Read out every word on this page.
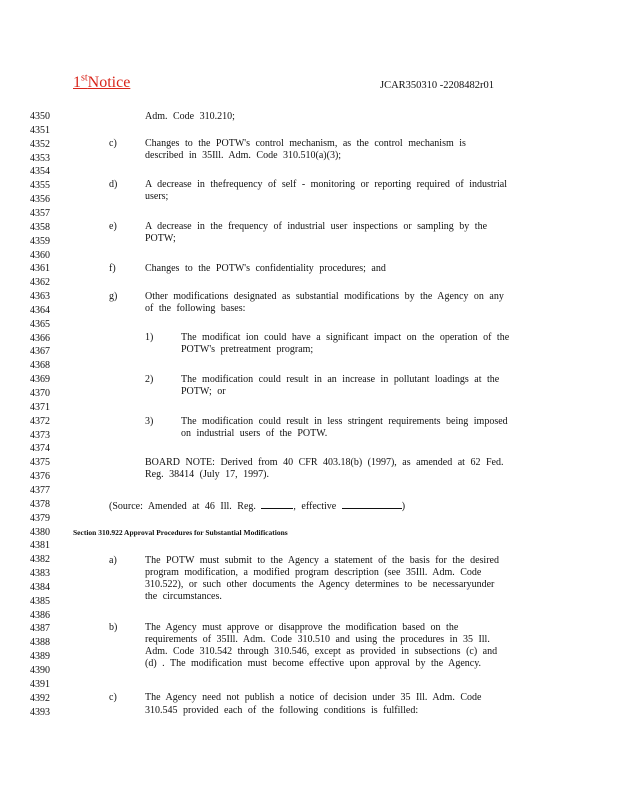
1stNotice	JCAR350310 -2208482r01
4350
4351
4352
4353
4354
4355
4356
4357
4358
4359
4360
4361
4362
4363
4364
4365
4366
4367
4368
4369
4370
4371
4372
4373
4374
4375
4376
4377
4378
4379
4380
4381
4382
4383
4384
4385
4386
4387
4388
4389
4390
4391
4392
4393
Adm. Code 310.210;
c)	Changes to the POTW's control mechanism, as the control mechanism is
described in 35Ill. Adm. Code 310.510(a)(3);
d)	A decrease in thefrequency of self - monitoring or reporting required of industrial
users;
e)	A decrease in the frequency of industrial user inspections or sampling by the
POTW;
f)	Changes to the POTW's confidentiality procedures; and
g)	Other modifications designated as substantial modifications by the Agency on any
of the following bases:
1)	The modificat ion could have a significant impact on the operation of the
POTW's pretreatment program;
2)	The modification could result in an increase in pollutant loadings at the
POTW; or
3)	The modification could result in less stringent requirements being imposed
on industrial users of the POTW.
BOARD NOTE: Derived from 40 CFR 403.18(b) (1997), as amended at 62 Fed.
Reg. 38414 (July 17, 1997).
(Source: Amended at 46 Ill. Reg.	, effective	)
Section 310.922 Approval Procedures for Substantial Modifications
a)	The POTW must submit to the Agency a statement of the basis for the desired
program modification, a modified program description (see 35Ill. Adm. Code
310.522), or such other documents the Agency determines to be necessaryunder
the circumstances.
b)	The Agency must approve or disapprove the modification based on the
requirements of 35Ill. Adm. Code 310.510 and using the procedures in 35 Ill.
Adm. Code 310.542 through 310.546, except as provided in subsections (c) and
(d) . The modification must become effective upon approval by the Agency.
c)	The Agency need not publish a notice of decision under 35 Ill. Adm. Code
310.545 provided each of the following conditions is fulfilled:
